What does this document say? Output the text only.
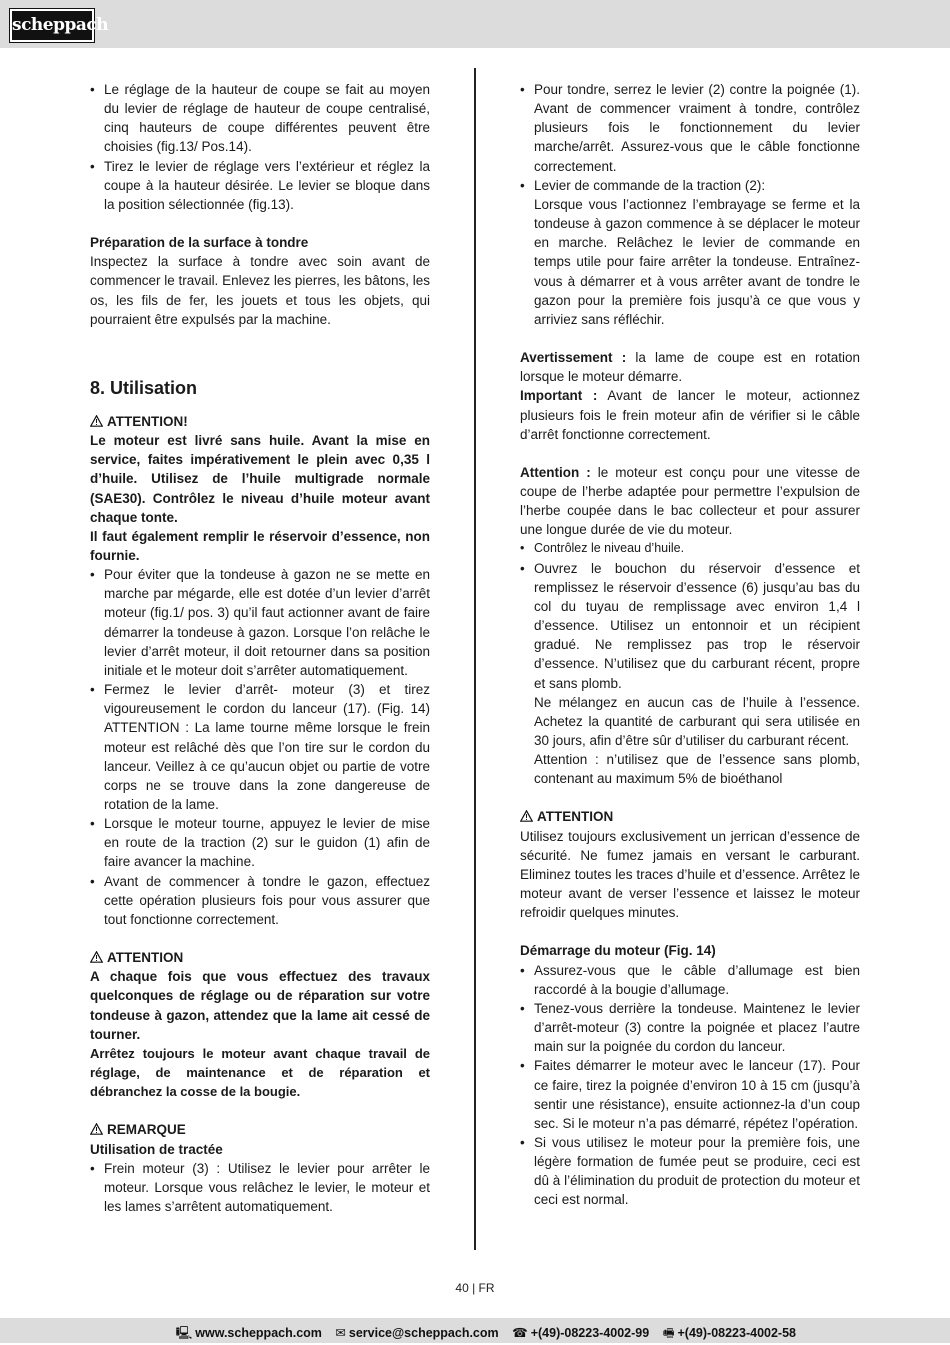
scheppach
• Le réglage de la hauteur de coupe se fait au moyen du levier de réglage de hauteur de coupe centralisé, cinq hauteurs de coupe différentes peuvent être choisies (fig.13/ Pos.14).
• Tirez le levier de réglage vers l’extérieur et réglez la coupe à la hauteur désirée. Le levier se bloque dans la position sélectionnée (fig.13).

Préparation de la surface à tondre

Inspectez la surface à tondre avec soin avant de commencer le travail. Enlevez les pierres, les bâtons, les os, les fils de fer, les jouets et tous les objets, qui pourraient être expulsés par la machine.

8. Utilisation

ATTENTION!

Le moteur est livré sans huile. Avant la mise en service, faites impérativement le plein avec 0,35 l d’huile. Utilisez de l’huile multigrade normale (SAE30). Contrôlez le niveau d’huile moteur avant chaque tonte.

Il faut également remplir le réservoir d’essence, non fournie.

• Pour éviter que la tondeuse à gazon ne se mette en marche par mégarde, elle est dotée d’un levier d’arrêt moteur (fig.1/ pos. 3) qu’il faut actionner avant de faire démarrer la tondeuse à gazon. Lorsque l’on relâche le levier d’arrêt moteur, il doit retourner dans sa position initiale et le moteur doit s’arrêter automatiquement.
• Fermez le levier d’arrêt- moteur (3) et tirez vigoureusement le cordon du lanceur (17). (Fig. 14) ATTENTION : La lame tourne même lorsque le frein moteur est relâché dès que l’on tire sur le cordon du lanceur. Veillez à ce qu’aucun objet ou partie de votre corps ne se trouve dans la zone dangereuse de rotation de la lame.
• Lorsque le moteur tourne, appuyez le levier de mise en route de la traction (2) sur le guidon (1) afin de faire avancer la machine.
• Avant de commencer à tondre le gazon, effectuez cette opération plusieurs fois pour vous assurer que tout fonctionne correctement.

ATTENTION

A chaque fois que vous effectuez des travaux quelconques de réglage ou de réparation sur votre tondeuse à gazon, attendez que la lame ait cessé de tourner.

Arrêtez toujours le moteur avant chaque travail de réglage, de maintenance et de réparation et débranchez la cosse de la bougie.

REMARQUE

Utilisation de tractée

• Frein moteur (3) : Utilisez le levier pour arrêter le moteur. Lorsque vous relâchez le levier, le moteur et les lames s’arrêtent automatiquement.
• Pour tondre, serrez le levier (2) contre la poignée (1). Avant de commencer vraiment à tondre, contrôlez plusieurs fois le fonctionnement du levier marche/arrêt. Assurez-vous que le câble fonctionne correctement.
• Levier de commande de la traction (2):
Lorsque vous l’actionnez l’embrayage se ferme et la tondeuse à gazon commence à se déplacer le moteur en marche. Relâchez le levier de commande en temps utile pour faire arrêter la tondeuse. Entraînez-vous à démarrer et à vous arrêter avant de tondre le gazon pour la première fois jusqu’à ce que vous y arriviez sans réfléchir.

Avertissement : la lame de coupe est en rotation lorsque le moteur démarre.

Important : Avant de lancer le moteur, actionnez plusieurs fois le frein moteur afin de vérifier si le câble d’arrêt fonctionne correctement.

Attention : le moteur est conçu pour une vitesse de coupe de l’herbe adaptée pour permettre l’expulsion de l’herbe coupée dans le bac collecteur et pour assurer une longue durée de vie du moteur.

• Contrôlez le niveau d’huile.
• Ouvrez le bouchon du réservoir d’essence et remplissez le réservoir d’essence (6) jusqu’au bas du col du tuyau de remplissage avec environ 1,4 l d’essence. Utilisez un entonnoir et un récipient gradué. Ne remplissez pas trop le réservoir d’essence. N’utilisez que du carburant récent, propre et sans plomb.
Ne mélangez en aucun cas de l’huile à l’essence. Achetez la quantité de carburant qui sera utilisée en 30 jours, afin d’être sûr d’utiliser du carburant récent.
Attention : n’utilisez que de l’essence sans plomb, contenant au maximum 5% de bioéthanol

ATTENTION

Utilisez toujours exclusivement un jerrican d’essence de sécurité. Ne fumez jamais en versant le carburant. Eliminez toutes les traces d’huile et d’essence. Arrêtez le moteur avant de verser l’essence et laissez le moteur refroidir quelques minutes.

Démarrage du moteur (Fig. 14)

• Assurez-vous que le câble d’allumage est bien raccordé à la bougie d’allumage.
• Tenez-vous derrière la tondeuse. Maintenez le levier d’arrêt-moteur (3) contre la poignée et placez l’autre main sur la poignée du cordon du lanceur.
• Faites démarrer le moteur avec le lanceur (17). Pour ce faire, tirez la poignée d’environ 10 à 15 cm (jusqu’à sentir une résistance), ensuite actionnez-la d’un coup sec. Si le moteur n’a pas démarré, répétez l’opération.
• Si vous utilisez le moteur pour la première fois, une légère formation de fumée peut se produire, ceci est dû à l’élimination du produit de protection du moteur et ceci est normal.
40 | FR
🖳 www.scheppach.com ✉ service@scheppach.com ☎ +(49)-08223-4002-99 🖷 +(49)-08223-4002-58
